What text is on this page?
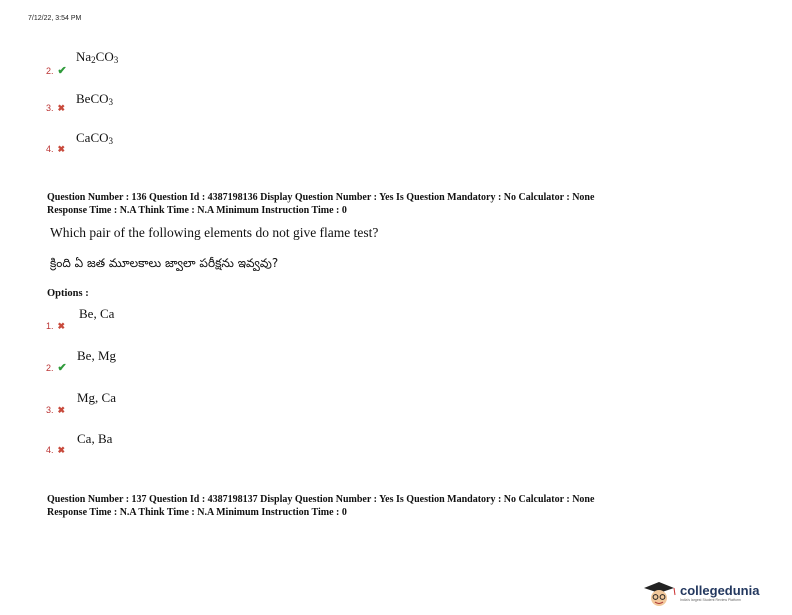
7/12/22, 3:54 PM
2. ✔
$Na_2CO_3$
3. ✖
BeCO$_3$
4. ✖
CaCO$_3$
Question Number : 136 Question Id : 4387198136 Display Question Number : Yes Is Question Mandatory : No Calculator : None
Response Time : N.A Think Time : N.A Minimum Instruction Time : 0
Which pair of the following elements do not give flame test?
క్రింది ఏ జత మూలకాలు జ్వాలా పరీక్షను ఇవ్వవు?
Options :
1. ✖
Be, Ca
2. ✔
Be, Mg
3. ✖
Mg, Ca
4. ✖
Ca, Ba
Question Number : 137 Question Id : 4387198137 Display Question Number : Yes Is Question Mandatory : No Calculator : None
Response Time : N.A Think Time : N.A Minimum Instruction Time : 0
collegedunia
India's largest Student Review Platform
